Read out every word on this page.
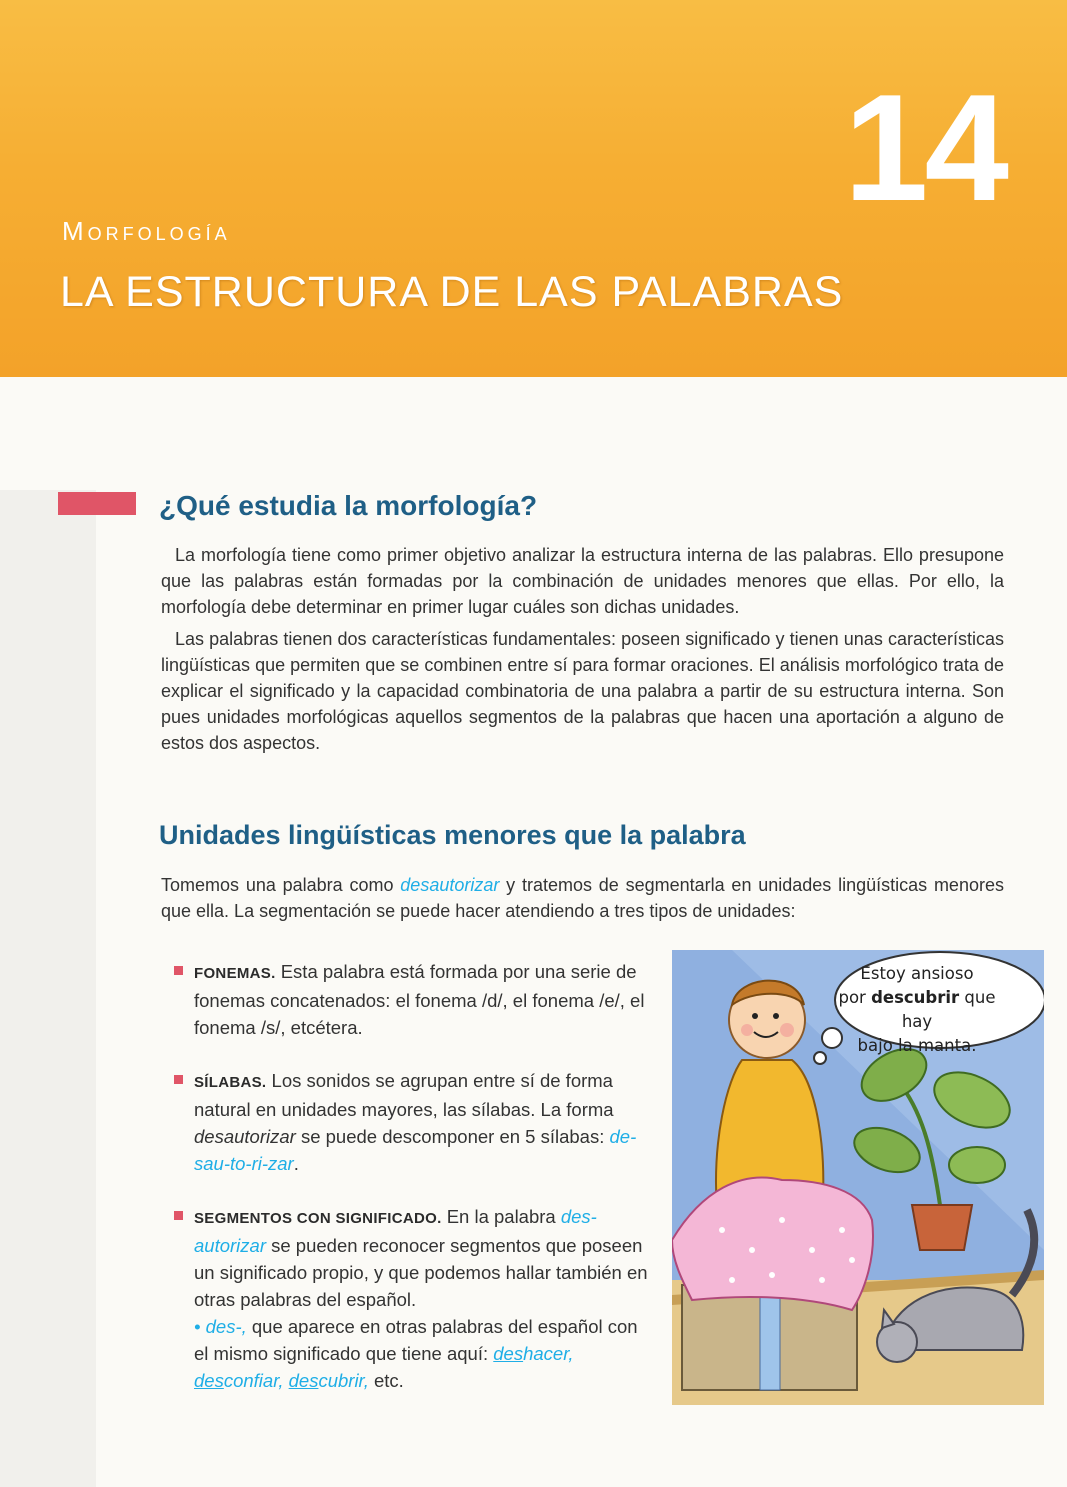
14
Morfología
LA ESTRUCTURA DE LAS PALABRAS
¿Qué estudia la morfología?

La morfología tiene como primer objetivo analizar la estructura interna de las palabras. Ello presupone que las palabras están formadas por la combinación de unidades menores que ellas. Por ello, la morfología debe determinar en primer lugar cuáles son dichas unidades.

Las palabras tienen dos características fundamentales: poseen significado y tienen unas características lingüísticas que permiten que se combinen entre sí para formar oraciones. El análisis morfológico trata de explicar el significado y la capacidad combinatoria de una palabra a partir de su estructura interna. Son pues unidades morfológicas aquellos segmentos de la palabras que hacen una aportación a alguno de estos dos aspectos.

Unidades lingüísticas menores que la palabra

Tomemos una palabra como desautorizar y tratemos de segmentarla en unidades lingüísticas menores que ella. La segmentación se puede hacer atendiendo a tres tipos de unidades:

FONEMAS. Esta palabra está formada por una serie de fonemas concatenados: el fonema /d/, el fonema /e/, el fonema /s/, etcétera.
SÍLABAS. Los sonidos se agrupan entre sí de forma natural en unidades mayores, las sílabas. La forma desautorizar se puede descomponer en 5 sílabas: de-sau-to-ri-zar.
SEGMENTOS CON SIGNIFICADO. En la palabra des-autorizar se pueden reconocer segmentos que poseen un significado propio, y que podemos hallar también en otras palabras del español.
• des-, que aparece en otras palabras del español con el mismo significado que tiene aquí: deshacer, desconfiar, descubrir, etc.
Estoy ansioso
por descubrir que hay
bajo la manta.
